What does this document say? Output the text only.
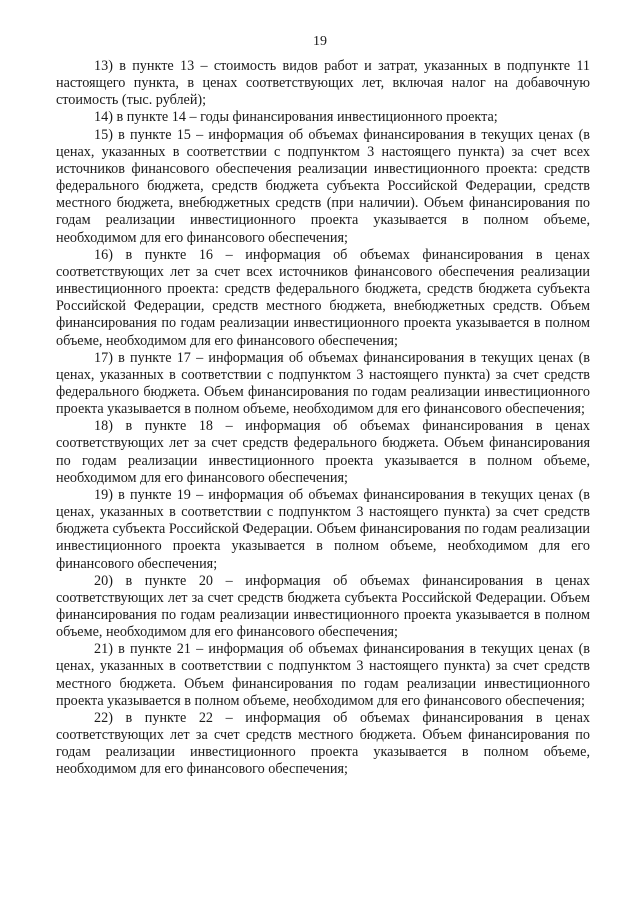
19

13) в пункте 13 – стоимость видов работ и затрат, указанных в подпункте 11 настоящего пункта, в ценах соответствующих лет, включая налог на добавочную стоимость (тыс. рублей);

14) в пункте 14 – годы финансирования инвестиционного проекта;

15) в пункте 15 – информация об объемах финансирования в текущих ценах (в ценах, указанных в соответствии с подпунктом 3 настоящего пункта) за счет всех источников финансового обеспечения реализации инвестиционного проекта: средств федерального бюджета, средств бюджета субъекта Российской Федерации, средств местного бюджета, внебюджетных средств (при наличии). Объем финансирования по годам реализации инвестиционного проекта указывается в полном объеме, необходимом для его финансового обеспечения;

16) в пункте 16 – информация об объемах финансирования в ценах соответствующих лет за счет всех источников финансового обеспечения реализации инвестиционного проекта: средств федерального бюджета, средств бюджета субъекта Российской Федерации, средств местного бюджета, внебюджетных средств. Объем финансирования по годам реализации инвестиционного проекта указывается в полном объеме, необходимом для его финансового обеспечения;

17) в пункте 17 – информация об объемах финансирования в текущих ценах (в ценах, указанных в соответствии с подпунктом 3 настоящего пункта) за счет средств федерального бюджета. Объем финансирования по годам реализации инвестиционного проекта указывается в полном объеме, необходимом для его финансового обеспечения;

18) в пункте 18 – информация об объемах финансирования в ценах соответствующих лет за счет средств федерального бюджета. Объем финансирования по годам реализации инвестиционного проекта указывается в полном объеме, необходимом для его финансового обеспечения;

19) в пункте 19 – информация об объемах финансирования в текущих ценах (в ценах, указанных в соответствии с подпунктом 3 настоящего пункта) за счет средств бюджета субъекта Российской Федерации. Объем финансирования по годам реализации инвестиционного проекта указывается в полном объеме, необходимом для его финансового обеспечения;

20) в пункте 20 – информация об объемах финансирования в ценах соответствующих лет за счет средств бюджета субъекта Российской Федерации. Объем финансирования по годам реализации инвестиционного проекта указывается в полном объеме, необходимом для его финансового обеспечения;

21) в пункте 21 – информация об объемах финансирования в текущих ценах (в ценах, указанных в соответствии с подпунктом 3 настоящего пункта) за счет средств местного бюджета. Объем финансирования по годам реализации инвестиционного проекта указывается в полном объеме, необходимом для его финансового обеспечения;

22) в пункте 22 – информация об объемах финансирования в ценах соответствующих лет за счет средств местного бюджета. Объем финансирования по годам реализации инвестиционного проекта указывается в полном объеме, необходимом для его финансового обеспечения;
